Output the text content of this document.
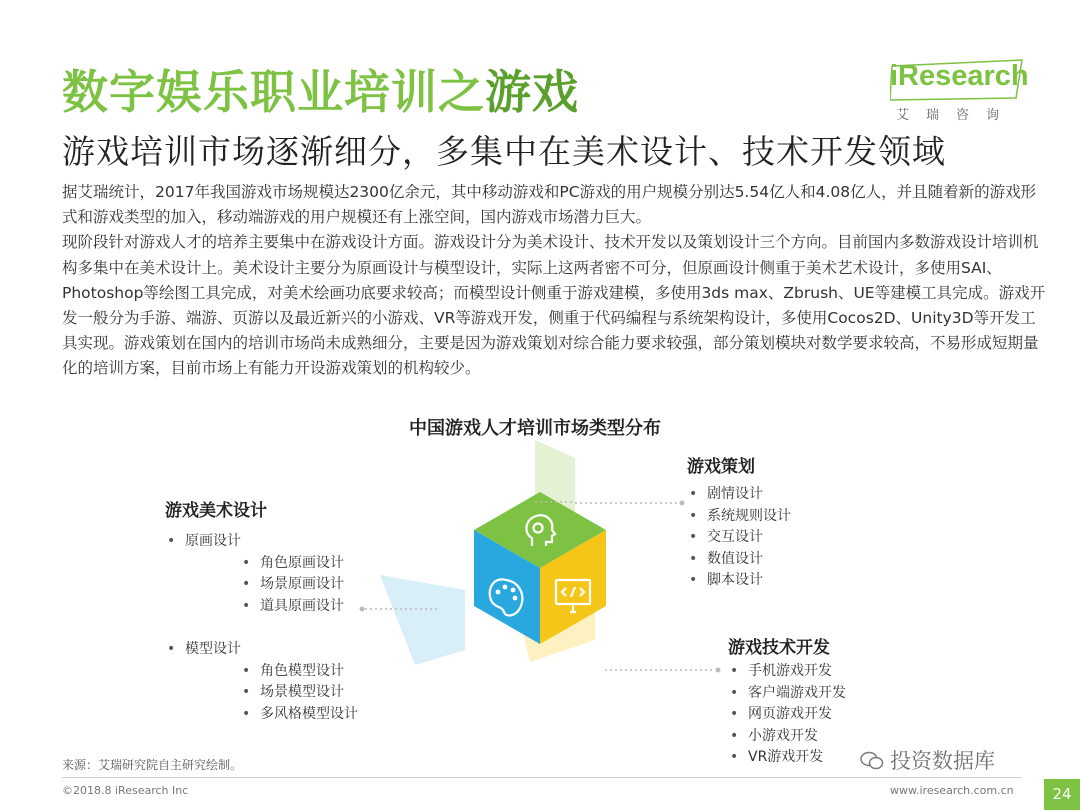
数字娱乐职业培训之游戏	iResearch
艾瑞咨询
游戏培训市场逐渐细分，多集中在美术设计、技术开发领域

据艾瑞统计，2017年我国游戏市场规模达2300亿余元，其中移动游戏和PC游戏的用户规模分别达5.54亿人和4.08亿人，并且随着新的游戏形式和游戏类型的加入，移动端游戏的用户规模还有上涨空间，国内游戏市场潜力巨大。

现阶段针对游戏人才的培养主要集中在游戏设计方面。游戏设计分为美术设计、技术开发以及策划设计三个方向。目前国内多数游戏设计培训机构多集中在美术设计上。美术设计主要分为原画设计与模型设计，实际上这两者密不可分，但原画设计侧重于美术艺术设计，多使用SAI、Photoshop等绘图工具完成，对美术绘画功底要求较高；而模型设计侧重于游戏建模，多使用3ds max、Zbrush、UE等建模工具完成。游戏开发一般分为手游、端游、页游以及最近新兴的小游戏、VR等游戏开发，侧重于代码编程与系统架构设计，多使用Cocos2D、Unity3D等开发工具实现。游戏策划在国内的培训市场尚未成熟细分，主要是因为游戏策划对综合能力要求较强，部分策划模块对数学要求较高，不易形成短期量化的培训方案，目前市场上有能力开设游戏策划的机构较少。

中国游戏人才培训市场类型分布
游戏美术设计
• 原画设计
• 角色原画设计
• 场景原画设计
• 道具原画设计
• 模型设计
• 角色模型设计
• 场景模型设计
• 多风格模型设计
游戏策划
• 剧情设计
• 系统规则设计
• 交互设计
• 数值设计
• 脚本设计
游戏技术开发
• 手机游戏开发
• 客户端游戏开发
• 网页游戏开发
• 小游戏开发
• VR游戏开发	投资数据库
来源：艾瑞研究院自主研究绘制。
©2018.8 iResearch Inc	www.iresearch.com.cn	24
